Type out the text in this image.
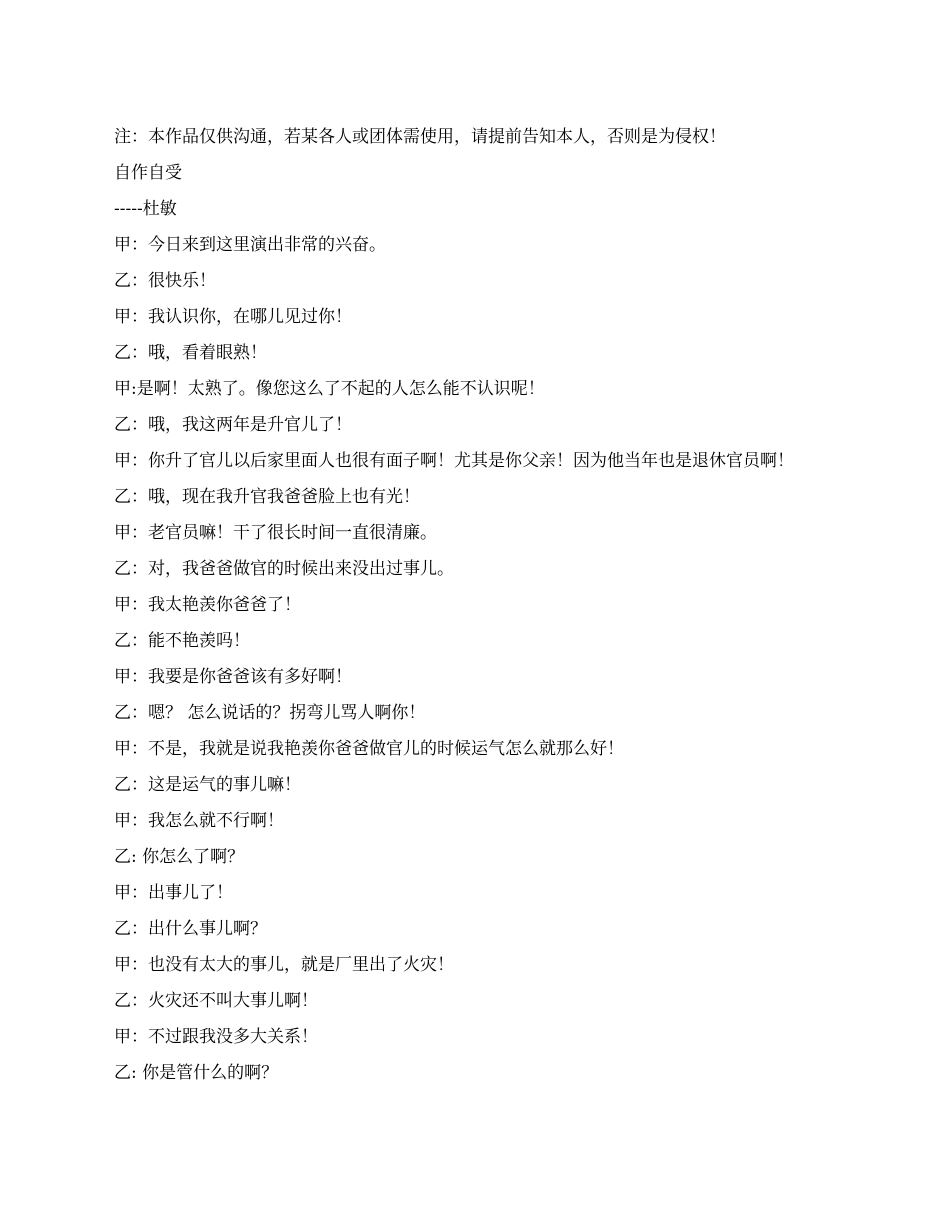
注：本作品仅供沟通，若某各人或团体需使用，请提前告知本人，否则是为侵权！

自作自受

-----杜敏

甲：今日来到这里演出非常的兴奋。

乙：很快乐！

甲：我认识你，在哪儿见过你！

乙：哦，看着眼熟！

甲:是啊！太熟了。像您这么了不起的人怎么能不认识呢！

乙：哦，我这两年是升官儿了！

甲：你升了官儿以后家里面人也很有面子啊！尤其是你父亲！因为他当年也是退休官员啊！

乙：哦，现在我升官我爸爸脸上也有光！

甲：老官员嘛！干了很长时间一直很清廉。

乙：对，我爸爸做官的时候出来没出过事儿。

甲：我太艳羡你爸爸了！

乙：能不艳羡吗！

甲：我要是你爸爸该有多好啊！

乙：嗯？ 怎么说话的？拐弯儿骂人啊你！

甲：不是，我就是说我艳羡你爸爸做官儿的时候运气怎么就那么好！

乙：这是运气的事儿嘛！

甲：我怎么就不行啊！

乙: 你怎么了啊？

甲：出事儿了！

乙：出什么事儿啊？

甲：也没有太大的事儿，就是厂里出了火灾！

乙：火灾还不叫大事儿啊！

甲：不过跟我没多大关系！

乙: 你是管什么的啊？
